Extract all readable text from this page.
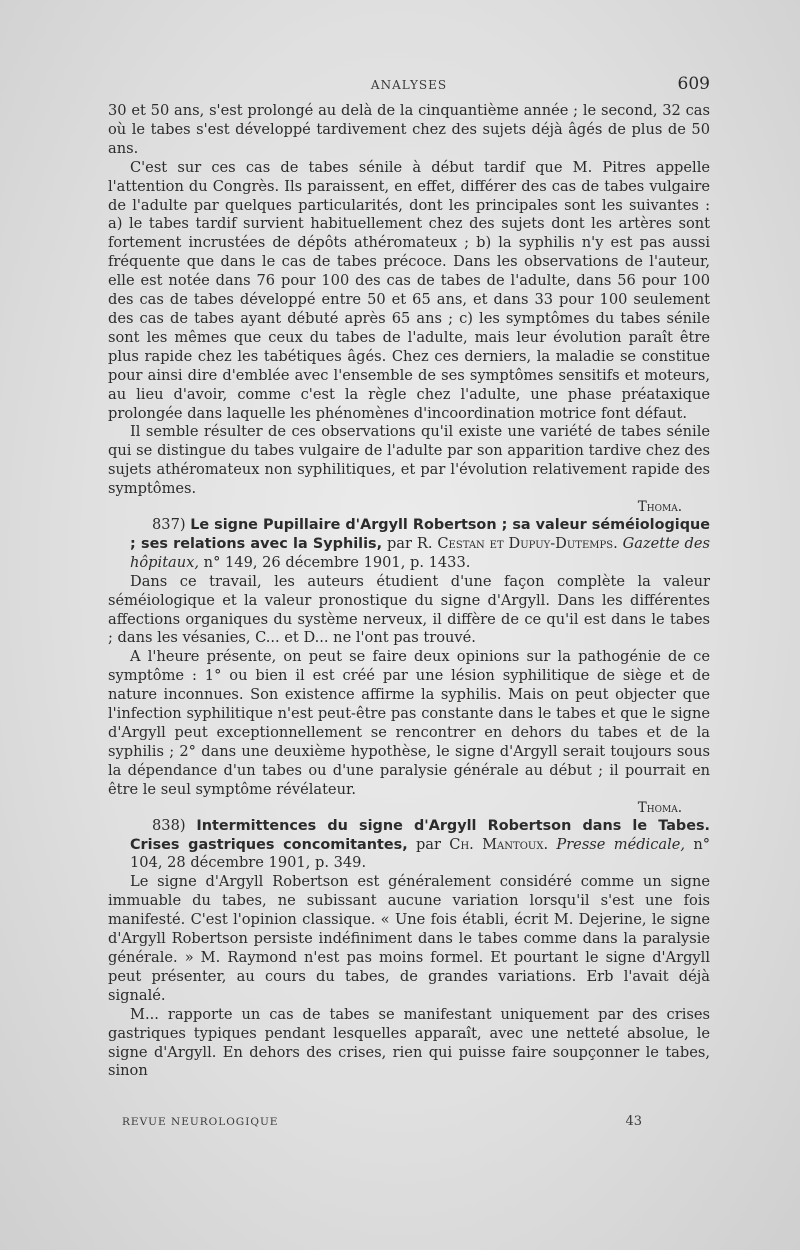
ANALYSES	609

30 et 50 ans, s'est prolongé au delà de la cinquantième année ; le second, 32 cas où le tabes s'est développé tardivement chez des sujets déjà âgés de plus de 50 ans.

C'est sur ces cas de tabes sénile à début tardif que M. Pitres appelle l'attention du Congrès. Ils paraissent, en effet, différer des cas de tabes vulgaire de l'adulte par quelques particularités, dont les principales sont les suivantes : a) le tabes tardif survient habituellement chez des sujets dont les artères sont fortement incrustées de dépôts athéromateux ; b) la syphilis n'y est pas aussi fréquente que dans le cas de tabes précoce. Dans les observations de l'auteur, elle est notée dans 76 pour 100 des cas de tabes de l'adulte, dans 56 pour 100 des cas de tabes développé entre 50 et 65 ans, et dans 33 pour 100 seulement des cas de tabes ayant débuté après 65 ans ; c) les symptômes du tabes sénile sont les mêmes que ceux du tabes de l'adulte, mais leur évolution paraît être plus rapide chez les tabétiques âgés. Chez ces derniers, la maladie se constitue pour ainsi dire d'emblée avec l'ensemble de ses symptômes sensitifs et moteurs, au lieu d'avoir, comme c'est la règle chez l'adulte, une phase préataxique prolongée dans laquelle les phénomènes d'incoordination motrice font défaut.

Il semble résulter de ces observations qu'il existe une variété de tabes sénile qui se distingue du tabes vulgaire de l'adulte par son apparition tardive chez des sujets athéromateux non syphilitiques, et par l'évolution relativement rapide des symptômes.

Thoma.

837) Le signe Pupillaire d'Argyll Robertson ; sa valeur séméiologique ; ses relations avec la Syphilis, par R. Cestan et Dupuy-Dutemps. Gazette des hôpitaux, n° 149, 26 décembre 1901, p. 1433.

Dans ce travail, les auteurs étudient d'une façon complète la valeur séméiologique et la valeur pronostique du signe d'Argyll. Dans les différentes affections organiques du système nerveux, il diffère de ce qu'il est dans le tabes ; dans les vésanies, C... et D... ne l'ont pas trouvé.

A l'heure présente, on peut se faire deux opinions sur la pathogénie de ce symptôme : 1° ou bien il est créé par une lésion syphilitique de siège et de nature inconnues. Son existence affirme la syphilis. Mais on peut objecter que l'infection syphilitique n'est peut-être pas constante dans le tabes et que le signe d'Argyll peut exceptionnellement se rencontrer en dehors du tabes et de la syphilis ; 2° dans une deuxième hypothèse, le signe d'Argyll serait toujours sous la dépendance d'un tabes ou d'une paralysie générale au début ; il pourrait en être le seul symptôme révélateur.

Thoma.

838) Intermittences du signe d'Argyll Robertson dans le Tabes. Crises gastriques concomitantes, par Ch. Mantoux. Presse médicale, n° 104, 28 décembre 1901, p. 349.

Le signe d'Argyll Robertson est généralement considéré comme un signe immuable du tabes, ne subissant aucune variation lorsqu'il s'est une fois manifesté. C'est l'opinion classique. « Une fois établi, écrit M. Dejerine, le signe d'Argyll Robertson persiste indéfiniment dans le tabes comme dans la paralysie générale. » M. Raymond n'est pas moins formel. Et pourtant le signe d'Argyll peut présenter, au cours du tabes, de grandes variations. Erb l'avait déjà signalé.

M... rapporte un cas de tabes se manifestant uniquement par des crises gastriques typiques pendant lesquelles apparaît, avec une netteté absolue, le signe d'Argyll. En dehors des crises, rien qui puisse faire soupçonner le tabes, sinon

REVUE NEUROLOGIQUE	43
